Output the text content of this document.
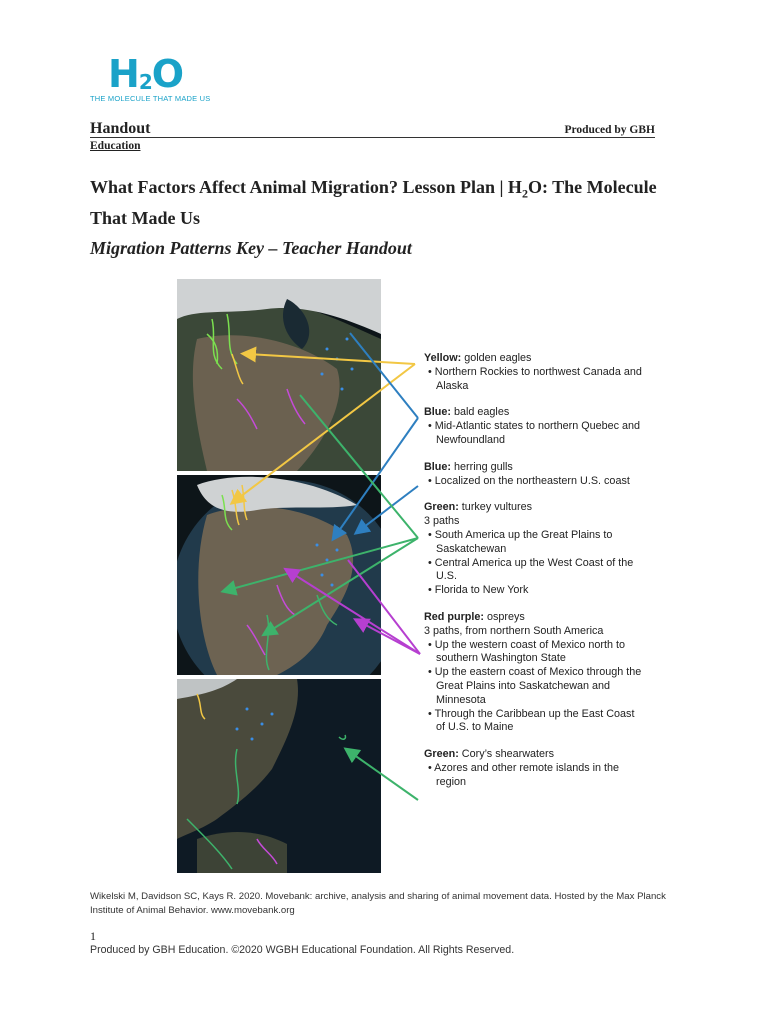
$H_2O$
THE MOLECULE THAT MADE US
Handout	Produced by GBH
Education
What Factors Affect Animal Migration? Lesson Plan | $H_2O$: The Molecule That Made Us
Migration Patterns Key – Teacher Handout
Yellow: golden eagles
• Northern Rockies to northwest Canada and Alaska
Blue: bald eagles
• Mid-Atlantic states to northern Quebec and Newfoundland
Blue: herring gulls
• Localized on the northeastern U.S. coast
Green: turkey vultures
3 paths
• South America up the Great Plains to Saskatchewan
• Central America up the West Coast of the U.S.
• Florida to New York
Red purple: ospreys
3 paths, from northern South America
• Up the western coast of Mexico north to southern Washington State
• Up the eastern coast of Mexico through the Great Plains into Saskatchewan and Minnesota
• Through the Caribbean up the East Coast of U.S. to Maine
Green: Cory’s shearwaters
• Azores and other remote islands in the region
Wikelski M, Davidson SC, Kays R. 2020. Movebank: archive, analysis and sharing of animal movement data. Hosted by the Max Planck Institute of Animal Behavior. www.movebank.org
1
Produced by GBH Education. ©2020 WGBH Educational Foundation. All Rights Reserved.
